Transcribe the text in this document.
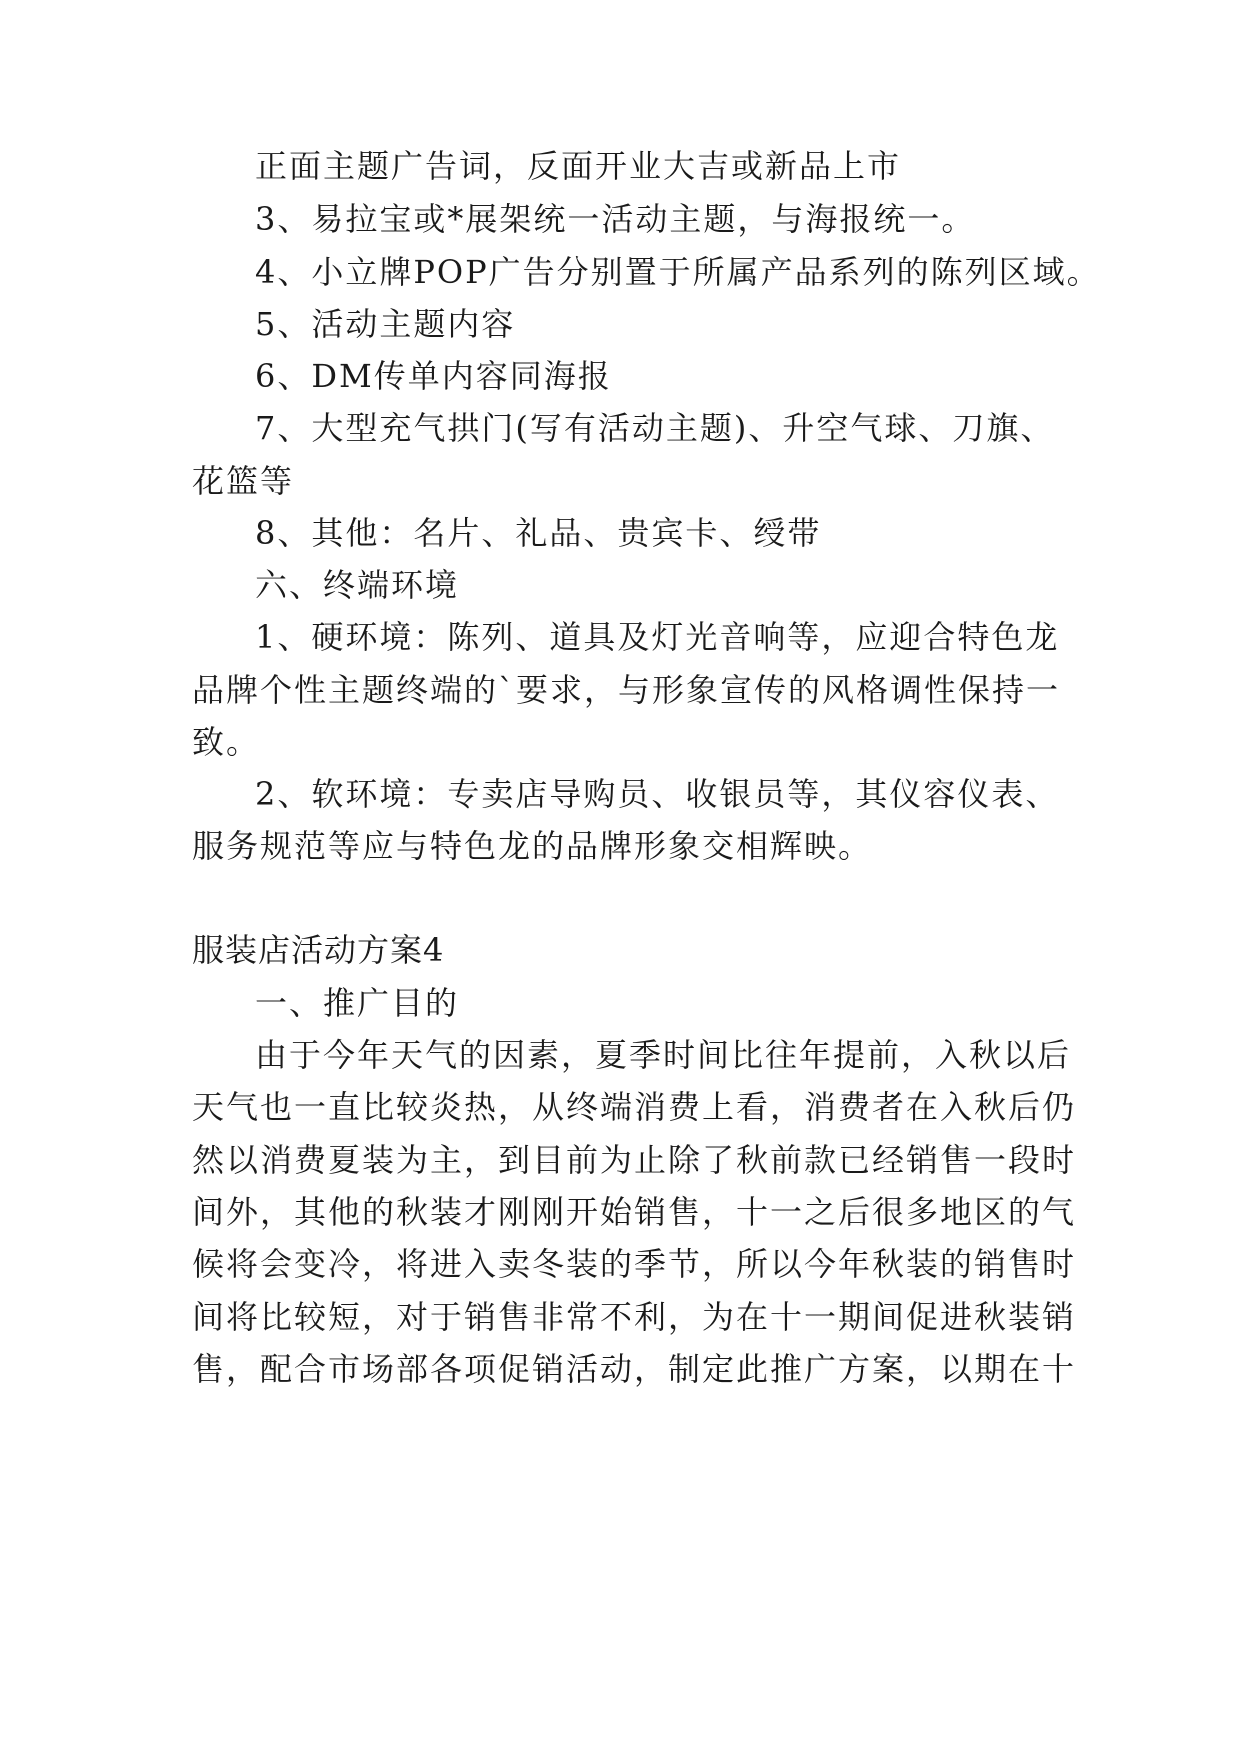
正面主题广告词，反面开业大吉或新品上市
3、易拉宝或*展架统一活动主题，与海报统一。
4、小立牌POP广告分别置于所属产品系列的陈列区域。
5、活动主题内容
6、DM传单内容同海报
7、大型充气拱门(写有活动主题)、升空气球、刀旗、
花篮等
8、其他：名片、礼品、贵宾卡、绶带
六、终端环境
1、硬环境：陈列、道具及灯光音响等，应迎合特色龙
品牌个性主题终端的`要求，与形象宣传的风格调性保持一
致。
2、软环境：专卖店导购员、收银员等，其仪容仪表、
服务规范等应与特色龙的品牌形象交相辉映。
服装店活动方案4
一、推广目的
由于今年天气的因素，夏季时间比往年提前，入秋以后
天气也一直比较炎热，从终端消费上看，消费者在入秋后仍
然以消费夏装为主，到目前为止除了秋前款已经销售一段时
间外，其他的秋装才刚刚开始销售，十一之后很多地区的气
候将会变冷，将进入卖冬装的季节，所以今年秋装的销售时
间将比较短，对于销售非常不利，为在十一期间促进秋装销
售，配合市场部各项促销活动，制定此推广方案，以期在十
